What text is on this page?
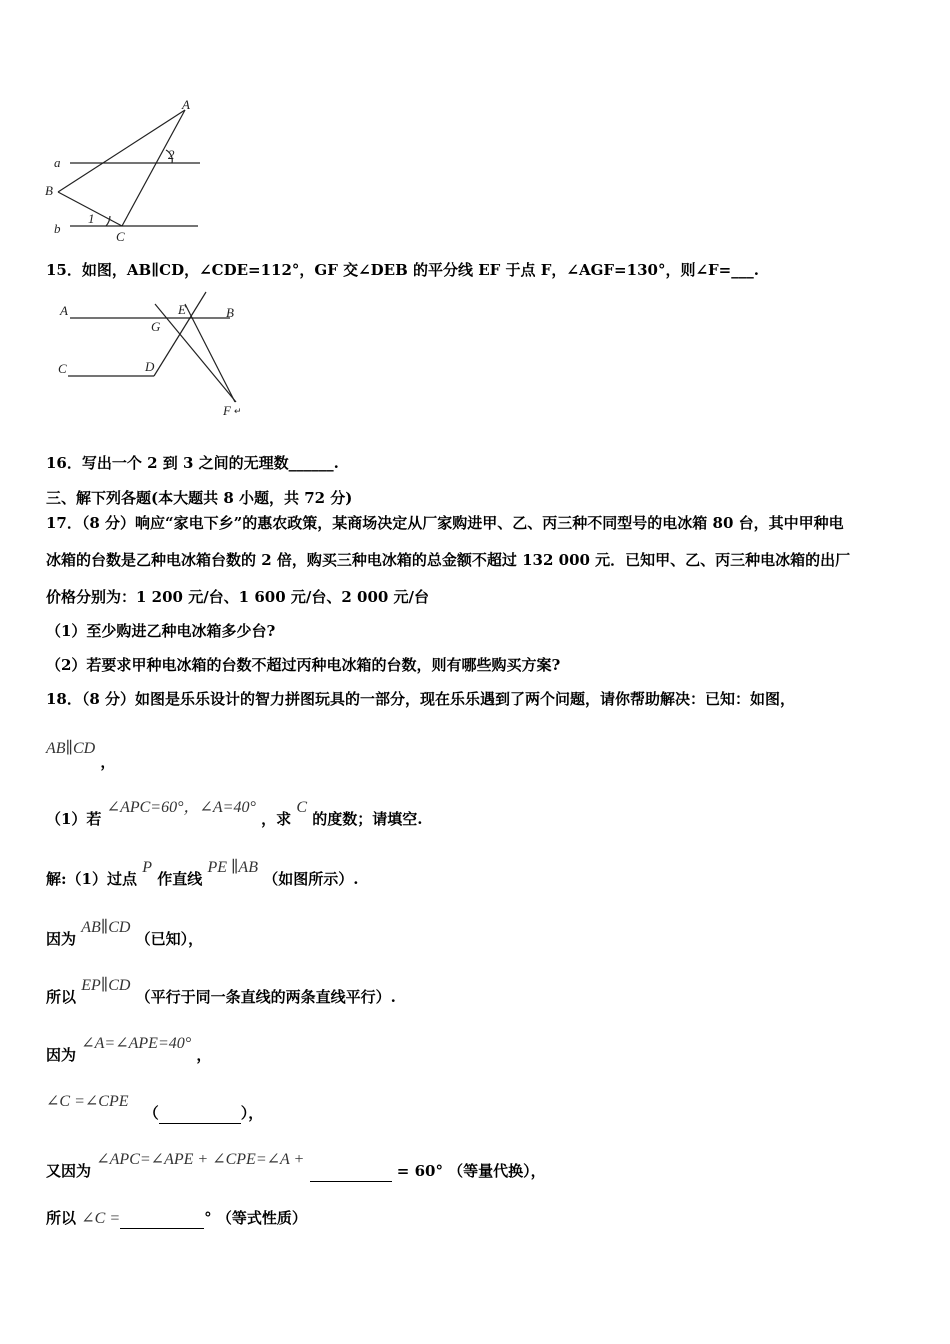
A
a
2
B
1
b
C
15．如图，AB∥CD，∠CDE=112°，GF 交∠DEB 的平分线 EF 于点 F，∠AGF=130°，则∠F=___.
A	E	B
G
C	D
F ↵
16．写出一个 2 到 3 之间的无理数______.
三、解下列各题(本大题共 8 小题，共 72 分)
17．（8 分）响应“家电下乡”的惠农政策，某商场决定从厂家购进甲、乙、丙三种不同型号的电冰箱 80 台，其中甲种电
冰箱的台数是乙种电冰箱台数的 2 倍，购买三种电冰箱的总金额不超过 132 000 元．已知甲、乙、丙三种电冰箱的出厂
价格分别为：1 200 元/台、1 600 元/台、2 000 元/台
（1）至少购进乙种电冰箱多少台?
（2）若要求甲种电冰箱的台数不超过丙种电冰箱的台数，则有哪些购买方案?
18．（8 分）如图是乐乐设计的智力拼图玩具的一部分，现在乐乐遇到了两个问题，请你帮助解决：已知：如图，
AB∥CD ，
（1）若 ∠APC=60°，∠A=40° ，求 C 的度数；请填空.
解:（1）过点 P 作直线 PE ∥AB （如图所示）.
因为 AB∥CD （已知），
所以 EP∥CD （平行于同一条直线的两条直线平行）.
因为 ∠A=∠APE=40° ，
∠C =∠CPE （	），
又因为 ∠APC=∠APE + ∠CPE=∠A +   = 60° （等量代换），
所以 ∠C =	° （等式性质）
